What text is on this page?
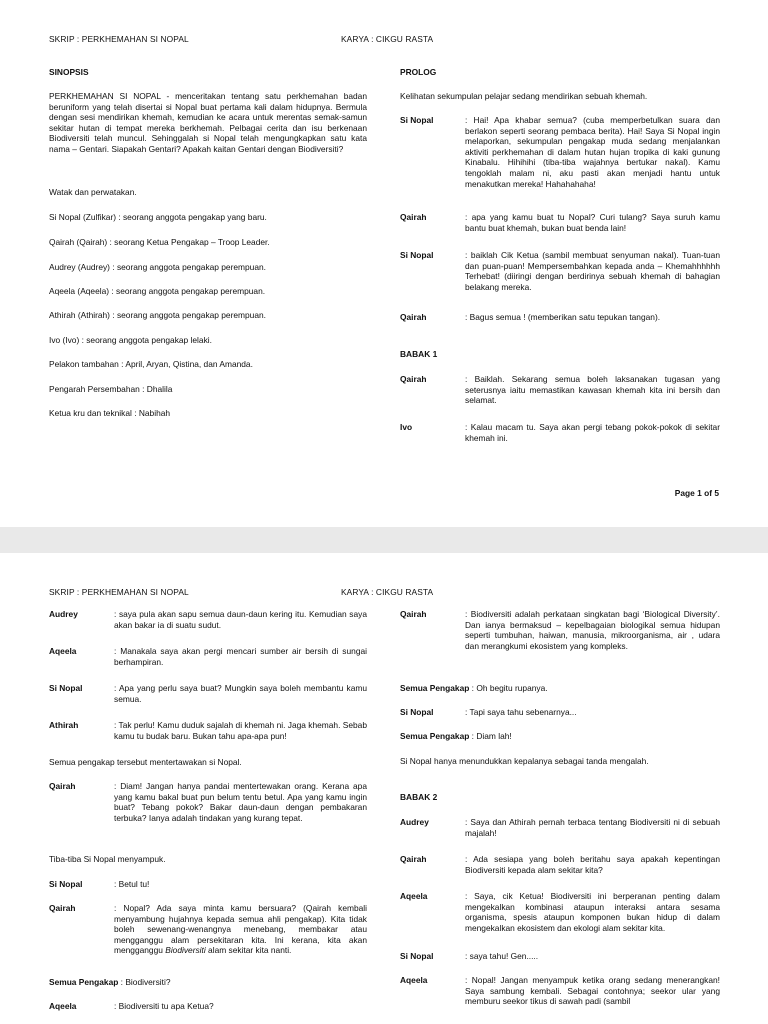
SKRIP : PERKHEMAHAN SI NOPAL	KARYA : CIKGU RASTA
SINOPSIS
PERKHEMAHAN SI NOPAL - menceritakan tentang satu perkhemahan badan beruniform yang telah disertai si Nopal buat pertama kali dalam hidupnya. Bermula dengan sesi mendirikan khemah, kemudian ke acara untuk merentas semak-samun sekitar hutan di tempat mereka berkhemah. Pelbagai cerita dan isu berkenaan Biodiversiti telah muncul. Sehinggalah si Nopal telah mengungkapkan satu kata nama – Gentari. Siapakah Gentari? Apakah kaitan Gentari dengan Biodiversiti?
Watak dan perwatakan.
Si Nopal (Zulfikar) : seorang anggota pengakap yang baru.
Qairah (Qairah) : seorang Ketua Pengakap – Troop Leader.
Audrey (Audrey) : seorang anggota pengakap perempuan.
Aqeela (Aqeela) : seorang anggota pengakap perempuan.
Athirah (Athirah) : seorang anggota pengakap perempuan.
Ivo (Ivo) : seorang anggota pengakap lelaki.
Pelakon tambahan : April, Aryan, Qistina, dan Amanda.
Pengarah Persembahan : Dhalila
Ketua kru dan teknikal : Nabihah
PROLOG
Kelihatan sekumpulan pelajar sedang mendirikan sebuah khemah.
Si Nopal	: Hai! Apa khabar semua? (cuba memperbetulkan suara dan berlakon seperti seorang pembaca berita). Hai! Saya Si Nopal ingin melaporkan, sekumpulan pengakap muda sedang menjalankan aktiviti perkhemahan di dalam hutan hujan tropika di kaki gunung Kinabalu. Hihihihi (tiba-tiba wajahnya bertukar nakal). Kamu tengoklah malam ni, aku pasti akan menjadi hantu untuk menakutkan mereka! Hahahahaha!
Qairah	: apa yang kamu buat tu Nopal? Curi tulang? Saya suruh kamu bantu buat khemah, bukan buat benda lain!
Si Nopal	: baiklah Cik Ketua (sambil membuat senyuman nakal). Tuan-tuan dan puan-puan! Mempersembahkan kepada anda – Khemahhhhhh Terhebat! (diiringi dengan berdirinya sebuah khemah di bahagian belakang mereka.
Qairah	: Bagus semua ! (memberikan satu tepukan tangan).
BABAK 1
Qairah	: Baiklah. Sekarang semua boleh laksanakan tugasan yang seterusnya iaitu memastikan kawasan khemah kita ini bersih dan selamat.
Ivo	: Kalau macam tu. Saya akan pergi tebang pokok-pokok di sekitar khemah ini.
Page 1 of 5
SKRIP : PERKHEMAHAN SI NOPAL	KARYA : CIKGU RASTA
Audrey	: saya pula akan sapu semua daun-daun kering itu. Kemudian saya akan bakar ia di suatu sudut.
Aqeela	: Manakala saya akan pergi mencari sumber air bersih di sungai berhampiran.
Si Nopal	: Apa yang perlu saya buat? Mungkin saya boleh membantu kamu semua.
Athirah	: Tak perlu! Kamu duduk sajalah di khemah ni. Jaga khemah. Sebab kamu tu budak baru. Bukan tahu apa-apa pun!
Semua pengakap tersebut mentertawakan si Nopal.
Qairah	: Diam! Jangan hanya pandai mentertewakan orang. Kerana apa yang kamu bakal buat pun belum tentu betul. Apa yang kamu ingin buat? Tebang pokok? Bakar daun-daun dengan pembakaran terbuka? Ianya adalah tindakan yang kurang tepat.
Tiba-tiba Si Nopal menyampuk.
Si Nopal	: Betul tu!
Qairah	: Nopal? Ada saya minta kamu bersuara? (Qairah kembali menyambung hujahnya kepada semua ahli pengakap). Kita tidak boleh sewenang-wenangnya menebang, membakar atau mengganggu alam persekitaran kita. Ini kerana, kita akan mengganggu Biodiversiti alam sekitar kita nanti.
Semua Pengakap : Biodiversiti?
Aqeela	: Biodiversiti tu apa Ketua?
Qairah	: Biodiversiti adalah perkataan singkatan bagi ‘Biological Diversity’. Dan ianya bermaksud – kepelbagaian biologikal semua hidupan seperti tumbuhan, haiwan, manusia, mikroorganisma, air , udara dan merangkumi ekosistem yang kompleks.
Semua Pengakap : Oh begitu rupanya.
Si Nopal	: Tapi saya tahu sebenarnya...
Semua Pengakap : Diam lah!
Si Nopal hanya menundukkan kepalanya sebagai tanda mengalah.
BABAK 2
Audrey	: Saya dan Athirah pernah terbaca tentang Biodiversiti ni di sebuah majalah!
Qairah	: Ada sesiapa yang boleh beritahu saya apakah kepentingan Biodiversiti kepada alam sekitar kita?
Aqeela	: Saya, cik Ketua! Biodiversiti ini berperanan penting dalam mengekalkan kombinasi ataupun interaksi antara sesama organisma, spesis ataupun komponen bukan hidup di dalam mengekalkan ekosistem dan ekologi alam sekitar kita.
Si Nopal	: saya tahu! Gen.....
Aqeela	: Nopal! Jangan menyampuk ketika orang sedang menerangkan! Saya sambung kembali. Sebagai contohnya; seekor ular yang memburu seekor tikus di sawah padi (sambil
